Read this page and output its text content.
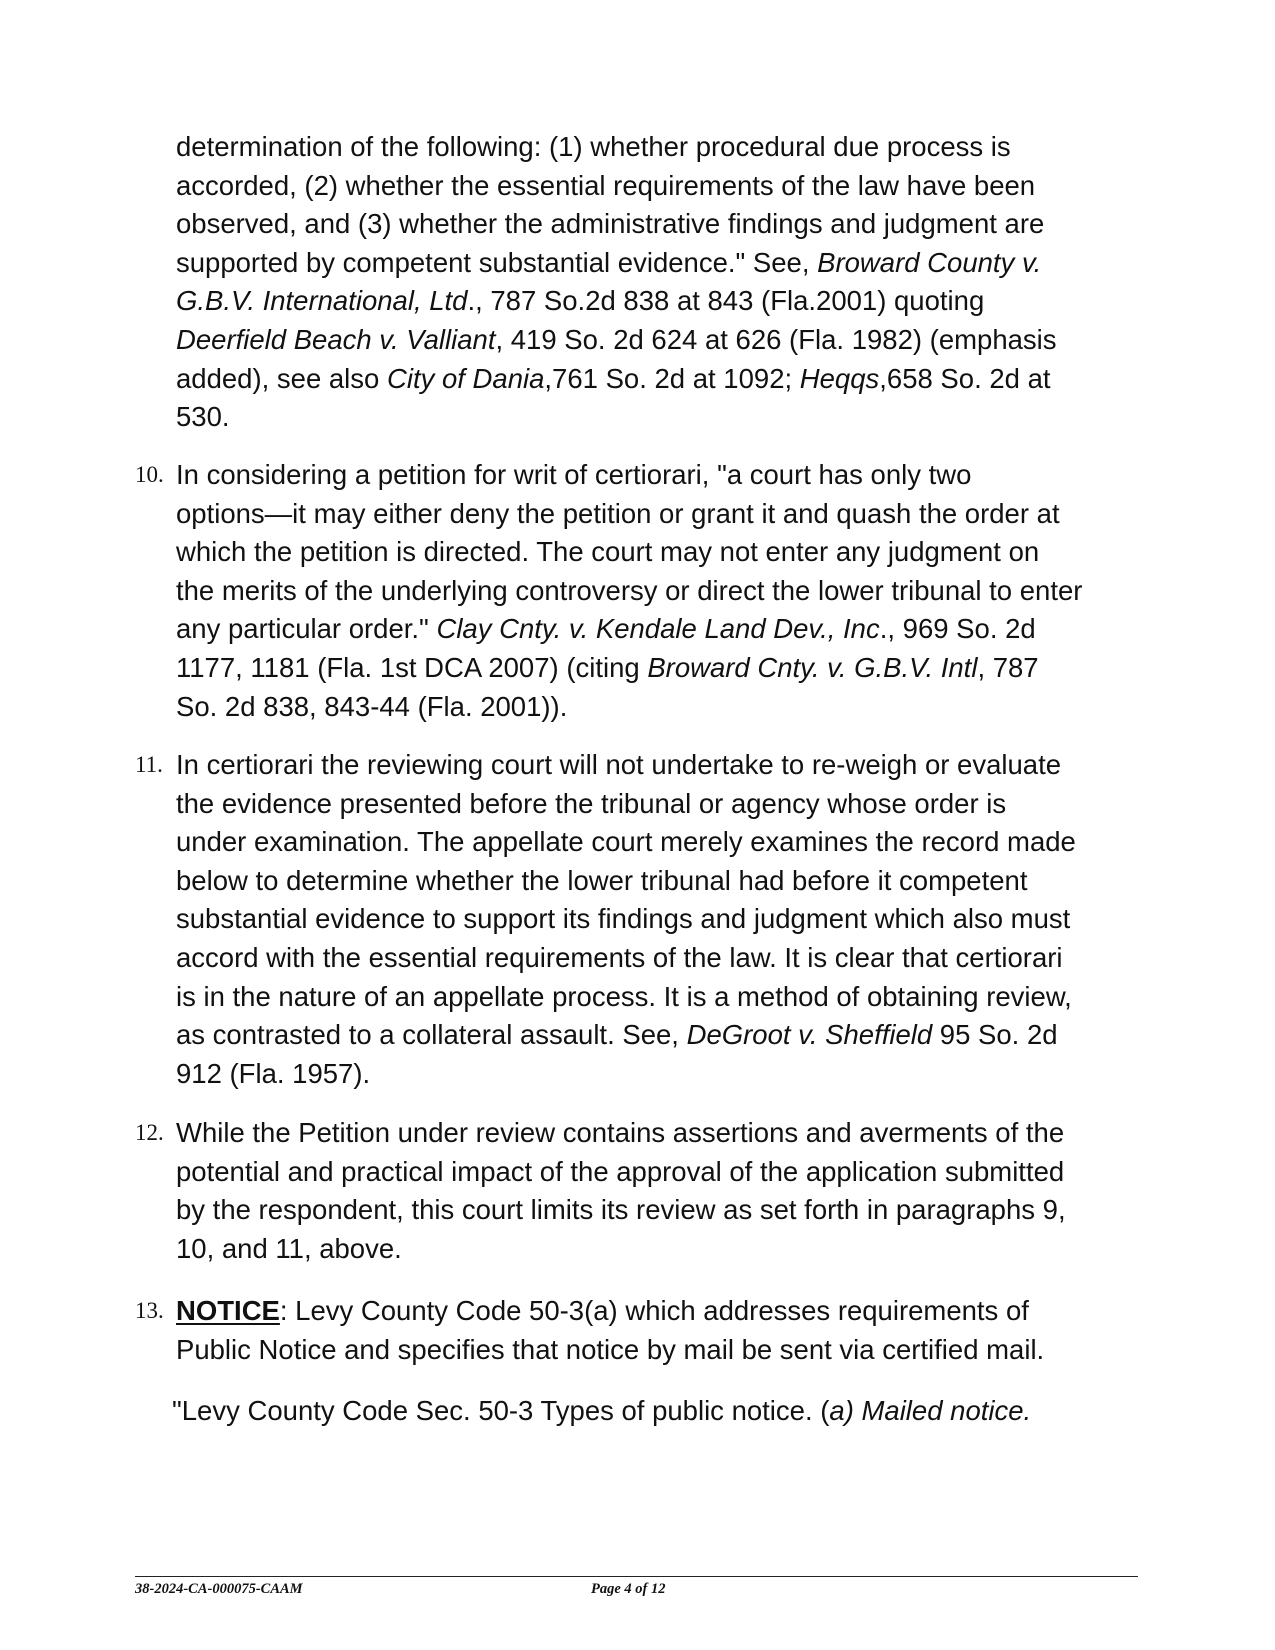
determination of the following: (1) whether procedural due process is
accorded, (2) whether the essential requirements of the law have been
observed, and (3) whether the administrative findings and judgment are
supported by competent substantial evidence." See, Broward County v.
G.B.V. International, Ltd., 787 So.2d 838 at 843 (Fla.2001) quoting
Deerfield Beach v. Valliant, 419 So. 2d 624 at 626 (Fla. 1982) (emphasis
added), see also City of Dania,761 So. 2d at 1092; Heqqs,658 So. 2d at
530.
10. In considering a petition for writ of certiorari, "a court has only two
options—it may either deny the petition or grant it and quash the order at
which the petition is directed. The court may not enter any judgment on
the merits of the underlying controversy or direct the lower tribunal to enter
any particular order." Clay Cnty. v. Kendale Land Dev., Inc., 969 So. 2d
1177, 1181 (Fla. 1st DCA 2007) (citing Broward Cnty. v. G.B.V. Intl, 787
So. 2d 838, 843-44 (Fla. 2001)).
11. In certiorari the reviewing court will not undertake to re-weigh or evaluate
the evidence presented before the tribunal or agency whose order is
under examination. The appellate court merely examines the record made
below to determine whether the lower tribunal had before it competent
substantial evidence to support its findings and judgment which also must
accord with the essential requirements of the law. It is clear that certiorari
is in the nature of an appellate process. It is a method of obtaining review,
as contrasted to a collateral assault. See, DeGroot v. Sheffield 95 So. 2d
912 (Fla. 1957).
12. While the Petition under review contains assertions and averments of the
potential and practical impact of the approval of the application submitted
by the respondent, this court limits its review as set forth in paragraphs 9,
10, and 11, above.
13. NOTICE: Levy County Code 50-3(a) which addresses requirements of
Public Notice and specifies that notice by mail be sent via certified mail.
"Levy County Code Sec. 50-3 Types of public notice. (a) Mailed notice.
38-2024-CA-000075-CAAM	Page 4 of 12
